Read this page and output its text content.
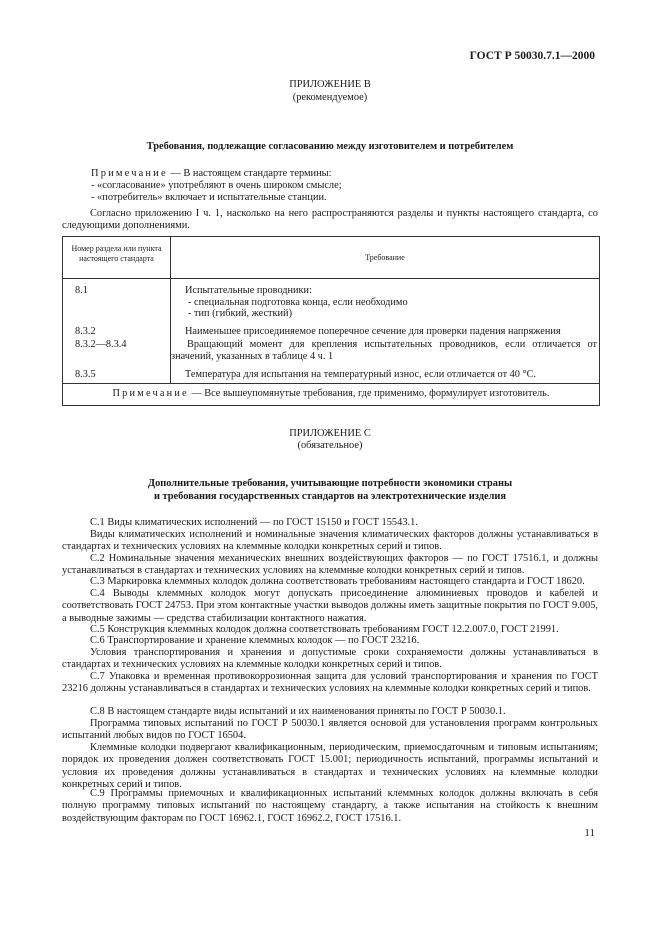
ГОСТ Р 50030.7.1—2000
ПРИЛОЖЕНИЕ В
(рекомендуемое)
Требования, подлежащие согласованию между изготовителем и потребителем
Примечание — В настоящем стандарте термины:
- «согласование» употребляют в очень широком смысле;
- «потребитель» включает и испытательные станции.
Согласно приложению I ч. 1, насколько на него распространяются разделы и пункты настоящего стандарта, со следующими дополнениями.
Номер раздела или пункта настоящего стандарта	Требование
8.1	Испытательные проводники:
- специальная подготовка конца, если необходимо
- тип (гибкий, жесткий)

8.3.2	Наименьшее присоединяемое поперечное сечение для проверки падения напряжения

8.3.2—8.3.4	Вращающий момент для крепления испытательных проводников, если отличается от значений, указанных в таблице 4 ч. 1
8.3.5	Температура для испытания на температурный износ, если отличается от 40 °С.

Примечание — Все вышеупомянутые требования, где применимо, формулирует изготовитель.	
ПРИЛОЖЕНИЕ С
(обязательное)
Дополнительные требования, учитывающие потребности экономики страны
и требования государственных стандартов на электротехнические изделия
С.1 Виды климатических исполнений — по ГОСТ 15150 и ГОСТ 15543.1.
Виды климатических исполнений и номинальные значения климатических факторов должны устанавливаться в стандартах и технических условиях на клеммные колодки конкретных серий и типов.
С.2 Номинальные значения механических внешних воздействующих факторов — по ГОСТ 17516.1, и должны устанавливаться в стандартах и технических условиях на клеммные колодки конкретных серий и типов.
С.3 Маркировка клеммных колодок должна соответствовать требованиям настоящего стандарта и ГОСТ 18620.
С.4 Выводы клеммных колодок могут допускать присоединение алюминиевых проводов и кабелей и соответствовать ГОСТ 24753. При этом контактные участки выводов должны иметь защитные покрытия по ГОСТ 9.005, а выводные зажимы — средства стабилизации контактного нажатия.
С.5 Конструкция клеммных колодок должна соответствовать требованиям ГОСТ 12.2.007.0, ГОСТ 21991.
С.6 Транспортирование и хранение клеммных колодок — по ГОСТ 23216.
Условия транспортирования и хранения и допустимые сроки сохраняемости должны устанавливаться в стандартах и технических условиях на клеммные колодки конкретных серий и типов.
С.7 Упаковка и временная противокоррозионная защита для условий транспортирования и хранения по ГОСТ 23216 должны устанавливаться в стандартах и технических условиях на клеммные колодки конкретных серий и типов.
С.8 В настоящем стандарте виды испытаний и их наименования приняты по ГОСТ Р 50030.1.
Программа типовых испытаний по ГОСТ Р 50030.1 является основой для установления программ контрольных испытаний любых видов по ГОСТ 16504.
Клеммные колодки подвергают квалификационным, периодическим, приемосдаточным и типовым испытаниям; порядок их проведения должен соответствовать ГОСТ 15.001; периодичность испытаний, программы испытаний и условия их проведения должны устанавливаться в стандартах и технических условиях на клеммные колодки конкретных серий и типов.
С.9 Программы приемочных и квалификационных испытаний клеммных колодок должны включать в себя полную программу типовых испытаний по настоящему стандарту, а также испытания на стойкость к внешним воздействующим факторам по ГОСТ 16962.1, ГОСТ 16962.2, ГОСТ 17516.1.
11
